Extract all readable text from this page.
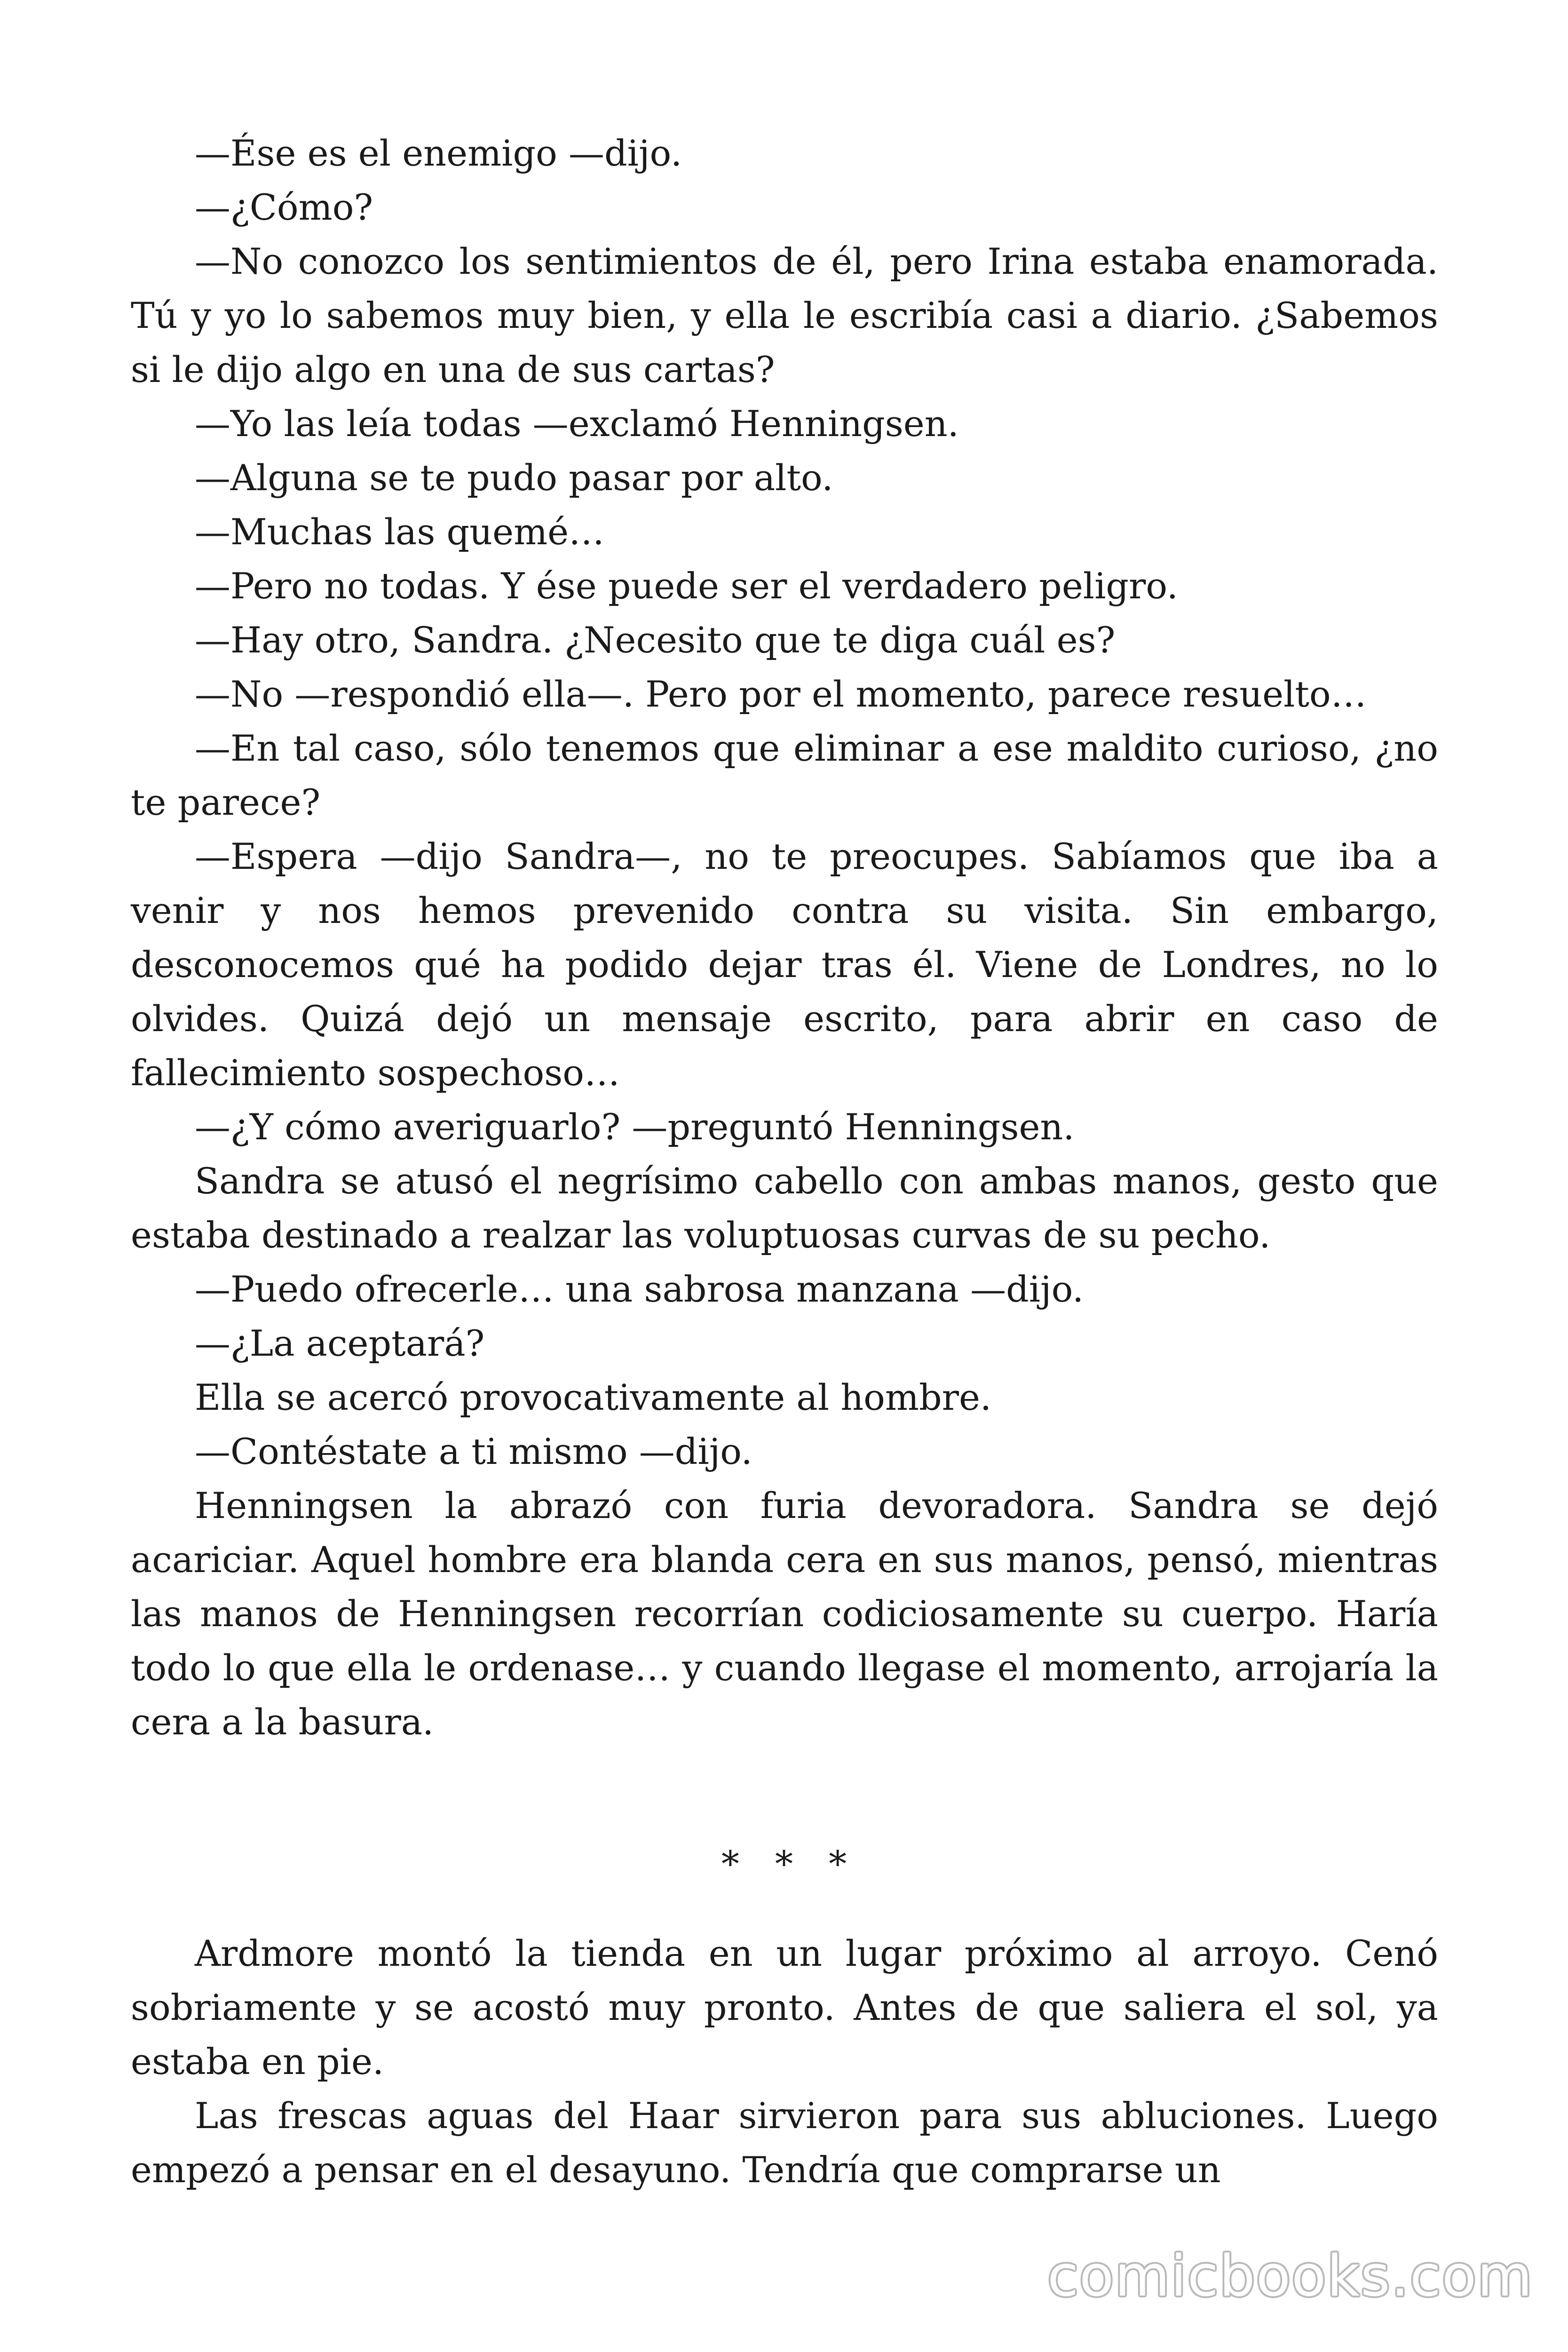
—Ése es el enemigo —dijo.

—¿Cómo?

—No conozco los sentimientos de él, pero Irina estaba enamorada. Tú y yo lo sabemos muy bien, y ella le escribía casi a diario. ¿Sabemos si le dijo algo en una de sus cartas?

—Yo las leía todas —exclamó Henningsen.

—Alguna se te pudo pasar por alto.

—Muchas las quemé…

—Pero no todas. Y ése puede ser el verdadero peligro.

—Hay otro, Sandra. ¿Necesito que te diga cuál es?

—No —respondió ella—. Pero por el momento, parece resuelto…

—En tal caso, sólo tenemos que eliminar a ese maldito curioso, ¿no te parece?

—Espera —dijo Sandra—, no te preocupes. Sabíamos que iba a venir y nos hemos prevenido contra su visita. Sin embargo, desconocemos qué ha podido dejar tras él. Viene de Londres, no lo olvides. Quizá dejó un mensaje escrito, para abrir en caso de fallecimiento sospechoso…

—¿Y cómo averiguarlo? —preguntó Henningsen.

Sandra se atusó el negrísimo cabello con ambas manos, gesto que estaba destinado a realzar las voluptuosas curvas de su pecho.

—Puedo ofrecerle… una sabrosa manzana —dijo.

—¿La aceptará?

Ella se acercó provocativamente al hombre.

—Contéstate a ti mismo —dijo.

Henningsen la abrazó con furia devoradora. Sandra se dejó acariciar. Aquel hombre era blanda cera en sus manos, pensó, mientras las manos de Henningsen recorrían codiciosamente su cuerpo. Haría todo lo que ella le ordenase… y cuando llegase el momento, arrojaría la cera a la basura.

* * *

Ardmore montó la tienda en un lugar próximo al arroyo. Cenó sobriamente y se acostó muy pronto. Antes de que saliera el sol, ya estaba en pie.

Las frescas aguas del Haar sirvieron para sus abluciones. Luego empezó a pensar en el desayuno. Tendría que comprarse un

comicbooks.com
